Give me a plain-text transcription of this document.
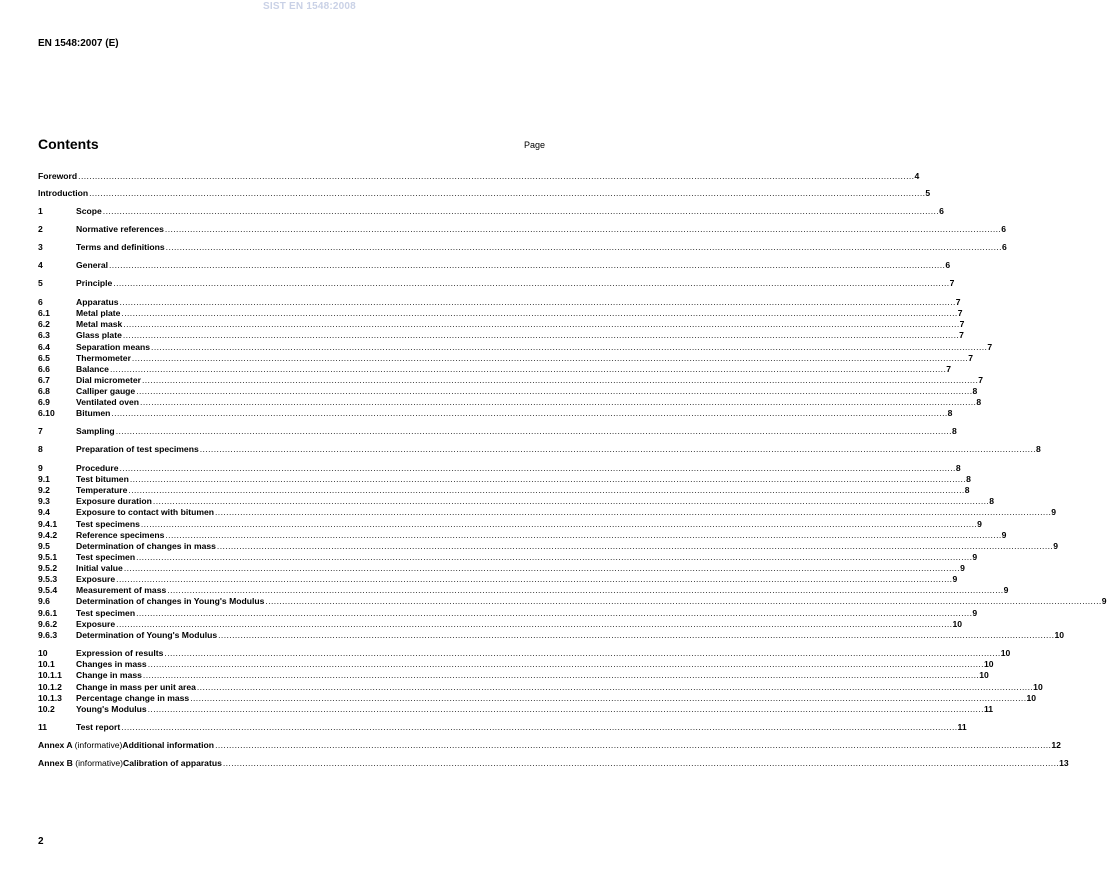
SIST EN 1548:2008
EN 1548:2007 (E)
Contents	Page
Foreword ............................................................................................................................................................................................................................................................................................................ 4
Introduction ............................................................................................................................................................................................................................................................................................................ 5
1	Scope ............................................................................................................................................................................................................................................................................................................ 6
2	Normative references ............................................................................................................................................................................................................................................................................................................ 6
3	Terms and definitions ............................................................................................................................................................................................................................................................................................................ 6
4	General ............................................................................................................................................................................................................................................................................................................ 6
5	Principle ............................................................................................................................................................................................................................................................................................................ 7
6	Apparatus ............................................................................................................................................................................................................................................................................................................ 7
6.1	Metal plate ............................................................................................................................................................................................................................................................................................................ 7
6.2	Metal mask ............................................................................................................................................................................................................................................................................................................ 7
6.3	Glass plate ............................................................................................................................................................................................................................................................................................................ 7
6.4	Separation means ............................................................................................................................................................................................................................................................................................................ 7
6.5	Thermometer ............................................................................................................................................................................................................................................................................................................ 7
6.6	Balance ............................................................................................................................................................................................................................................................................................................ 7
6.7	Dial micrometer ............................................................................................................................................................................................................................................................................................................ 7
6.8	Calliper gauge ............................................................................................................................................................................................................................................................................................................ 8
6.9	Ventilated oven ............................................................................................................................................................................................................................................................................................................ 8
6.10	Bitumen ............................................................................................................................................................................................................................................................................................................ 8
7	Sampling ............................................................................................................................................................................................................................................................................................................ 8
8	Preparation of test specimens ............................................................................................................................................................................................................................................................................................................ 8
9	Procedure ............................................................................................................................................................................................................................................................................................................ 8
9.1	Test bitumen ............................................................................................................................................................................................................................................................................................................ 8
9.2	Temperature ............................................................................................................................................................................................................................................................................................................ 8
9.3	Exposure duration ............................................................................................................................................................................................................................................................................................................ 8
9.4	Exposure to contact with bitumen ............................................................................................................................................................................................................................................................................................................ 9
9.4.1	Test specimens ............................................................................................................................................................................................................................................................................................................ 9
9.4.2	Reference specimens ............................................................................................................................................................................................................................................................................................................ 9
9.5	Determination of changes in mass ............................................................................................................................................................................................................................................................................................................ 9
9.5.1	Test specimen ............................................................................................................................................................................................................................................................................................................ 9
9.5.2	Initial value ............................................................................................................................................................................................................................................................................................................ 9
9.5.3	Exposure ............................................................................................................................................................................................................................................................................................................ 9
9.5.4	Measurement of mass ............................................................................................................................................................................................................................................................................................................ 9
9.6	Determination of changes in Young's Modulus ............................................................................................................................................................................................................................................................................................................ 9
9.6.1	Test specimen ............................................................................................................................................................................................................................................................................................................ 9
9.6.2	Exposure ............................................................................................................................................................................................................................................................................................................ 10
9.6.3	Determination of Young's Modulus ............................................................................................................................................................................................................................................................................................................ 10
10	Expression of results ............................................................................................................................................................................................................................................................................................................ 10
10.1	Changes in mass ............................................................................................................................................................................................................................................................................................................ 10
10.1.1	Change in mass ............................................................................................................................................................................................................................................................................................................ 10
10.1.2	Change in mass per unit area ............................................................................................................................................................................................................................................................................................................ 10
10.1.3	Percentage change in mass ............................................................................................................................................................................................................................................................................................................ 10
10.2	Young's Modulus ............................................................................................................................................................................................................................................................................................................ 11
11	Test report ............................................................................................................................................................................................................................................................................................................ 11
Annex A (informative) Additional information ............................................................................................................................................................................................................................................................................................................ 12
Annex B (informative) Calibration of apparatus ............................................................................................................................................................................................................................................................................................................ 13
2
